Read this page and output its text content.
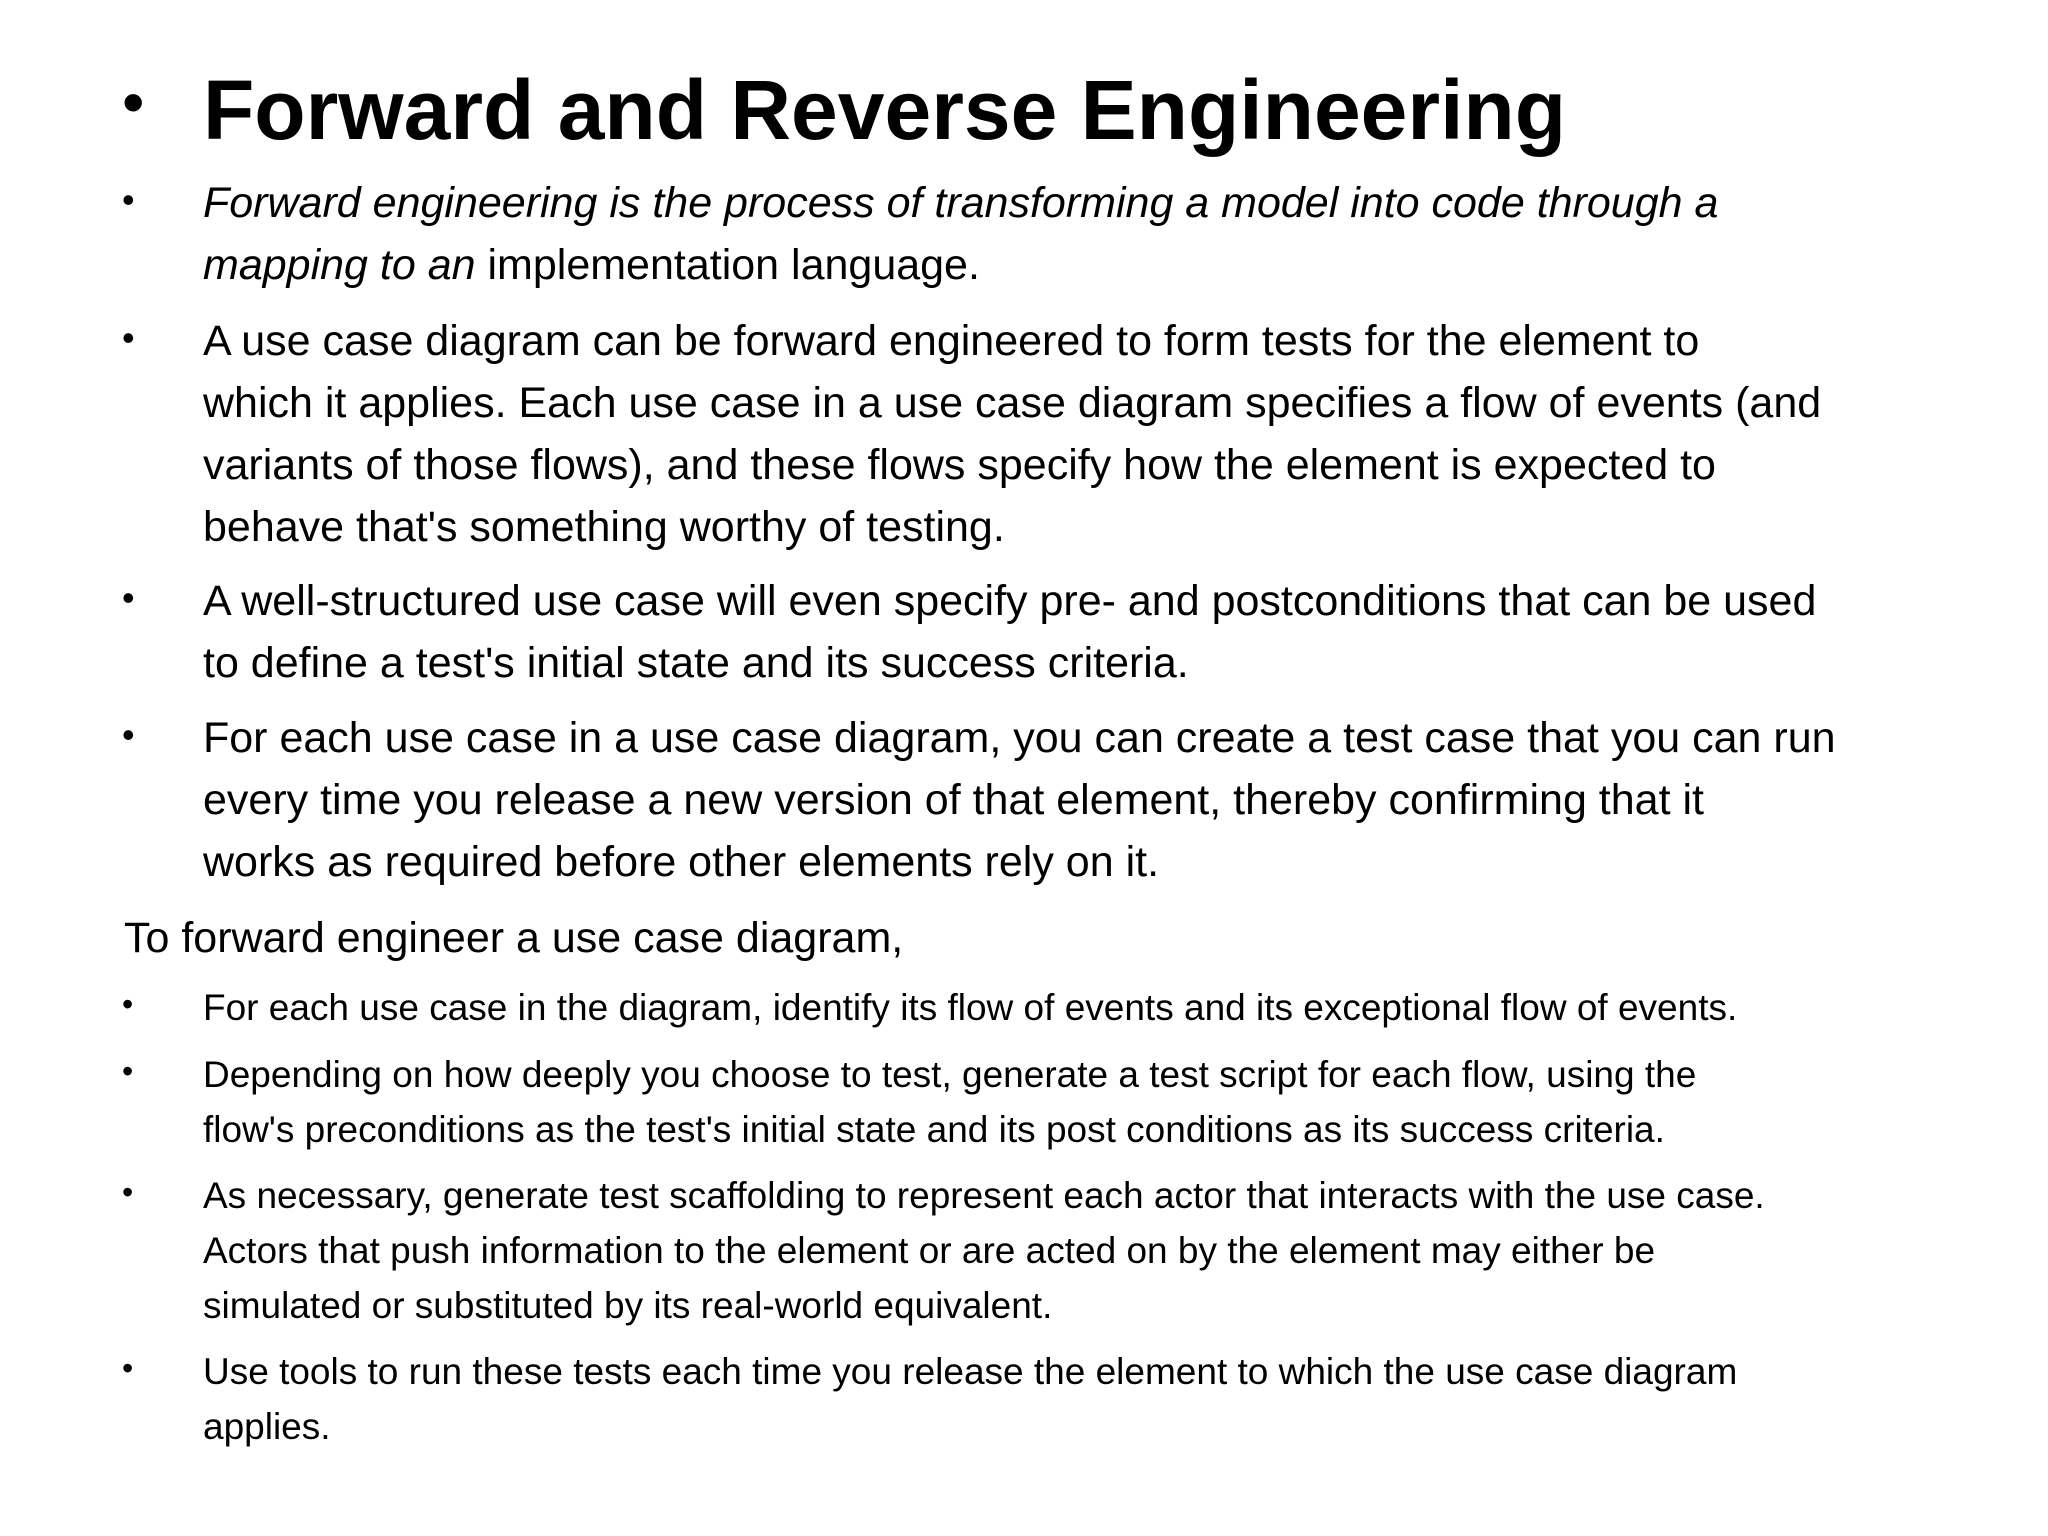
• Forward and Reverse Engineering
• Forward engineering is the process of transforming a model into code through a
mapping to an implementation language.
• A use case diagram can be forward engineered to form tests for the element to
which it applies. Each use case in a use case diagram specifies a flow of events (and
variants of those flows), and these flows specify how the element is expected to
behave that's something worthy of testing.
• A well-structured use case will even specify pre- and postconditions that can be used
to define a test's initial state and its success criteria.
• For each use case in a use case diagram, you can create a test case that you can run
every time you release a new version of that element, thereby confirming that it
works as required before other elements rely on it.
To forward engineer a use case diagram,
• For each use case in the diagram, identify its flow of events and its exceptional flow of events.
• Depending on how deeply you choose to test, generate a test script for each flow, using the
flow's preconditions as the test's initial state and its post conditions as its success criteria.
• As necessary, generate test scaffolding to represent each actor that interacts with the use case.
Actors that push information to the element or are acted on by the element may either be
simulated or substituted by its real-world equivalent.
• Use tools to run these tests each time you release the element to which the use case diagram
applies.
